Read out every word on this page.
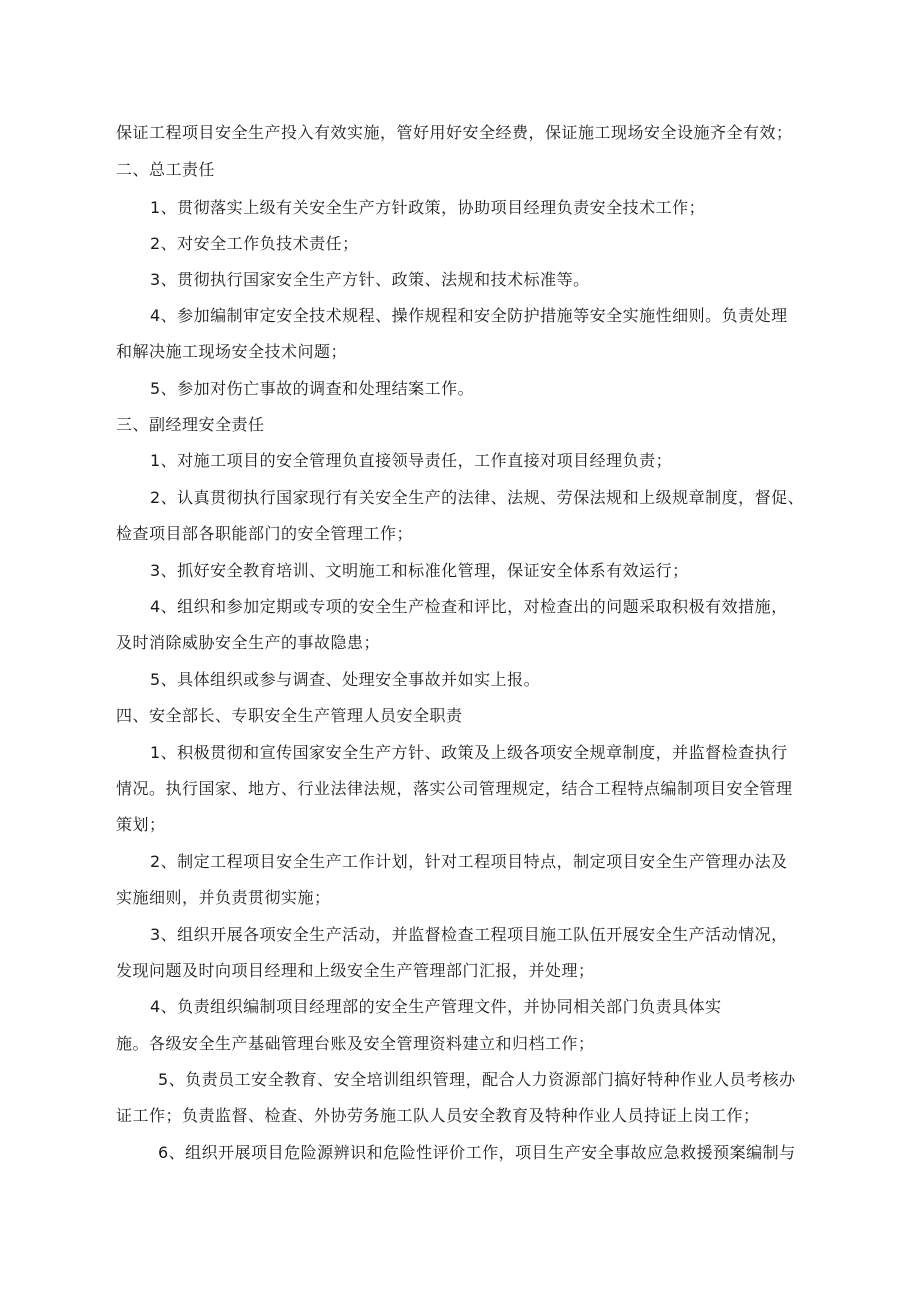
保证工程项目安全生产投入有效实施，管好用好安全经费，保证施工现场安全设施齐全有效；
二、总工责任
1、贯彻落实上级有关安全生产方针政策，协助项目经理负责安全技术工作；
2、对安全工作负技术责任；
3、贯彻执行国家安全生产方针、政策、法规和技术标准等。
4、参加编制审定安全技术规程、操作规程和安全防护措施等安全实施性细则。负责处理
和解决施工现场安全技术问题；
5、参加对伤亡事故的调查和处理结案工作。
三、副经理安全责任
1、对施工项目的安全管理负直接领导责任，工作直接对项目经理负责；
2、认真贯彻执行国家现行有关安全生产的法律、法规、劳保法规和上级规章制度，督促、
检查项目部各职能部门的安全管理工作；
3、抓好安全教育培训、文明施工和标准化管理，保证安全体系有效运行；
4、组织和参加定期或专项的安全生产检查和评比，对检查出的问题采取积极有效措施，
及时消除威胁安全生产的事故隐患；
5、具体组织或参与调查、处理安全事故并如实上报。
四、安全部长、专职安全生产管理人员安全职责
1、积极贯彻和宣传国家安全生产方针、政策及上级各项安全规章制度，并监督检查执行
情况。执行国家、地方、行业法律法规，落实公司管理规定，结合工程特点编制项目安全管理
策划；
2、制定工程项目安全生产工作计划，针对工程项目特点，制定项目安全生产管理办法及
实施细则，并负责贯彻实施；
3、组织开展各项安全生产活动，并监督检查工程项目施工队伍开展安全生产活动情况，
发现问题及时向项目经理和上级安全生产管理部门汇报，并处理；
4、负责组织编制项目经理部的安全生产管理文件，并协同相关部门负责具体实
施。各级安全生产基础管理台账及安全管理资料建立和归档工作；
5、负责员工安全教育、安全培训组织管理，配合人力资源部门搞好特种作业人员考核办
证工作；负责监督、检查、外协劳务施工队人员安全教育及特种作业人员持证上岗工作；
6、组织开展项目危险源辨识和危险性评价工作，项目生产安全事故应急救援预案编制与
